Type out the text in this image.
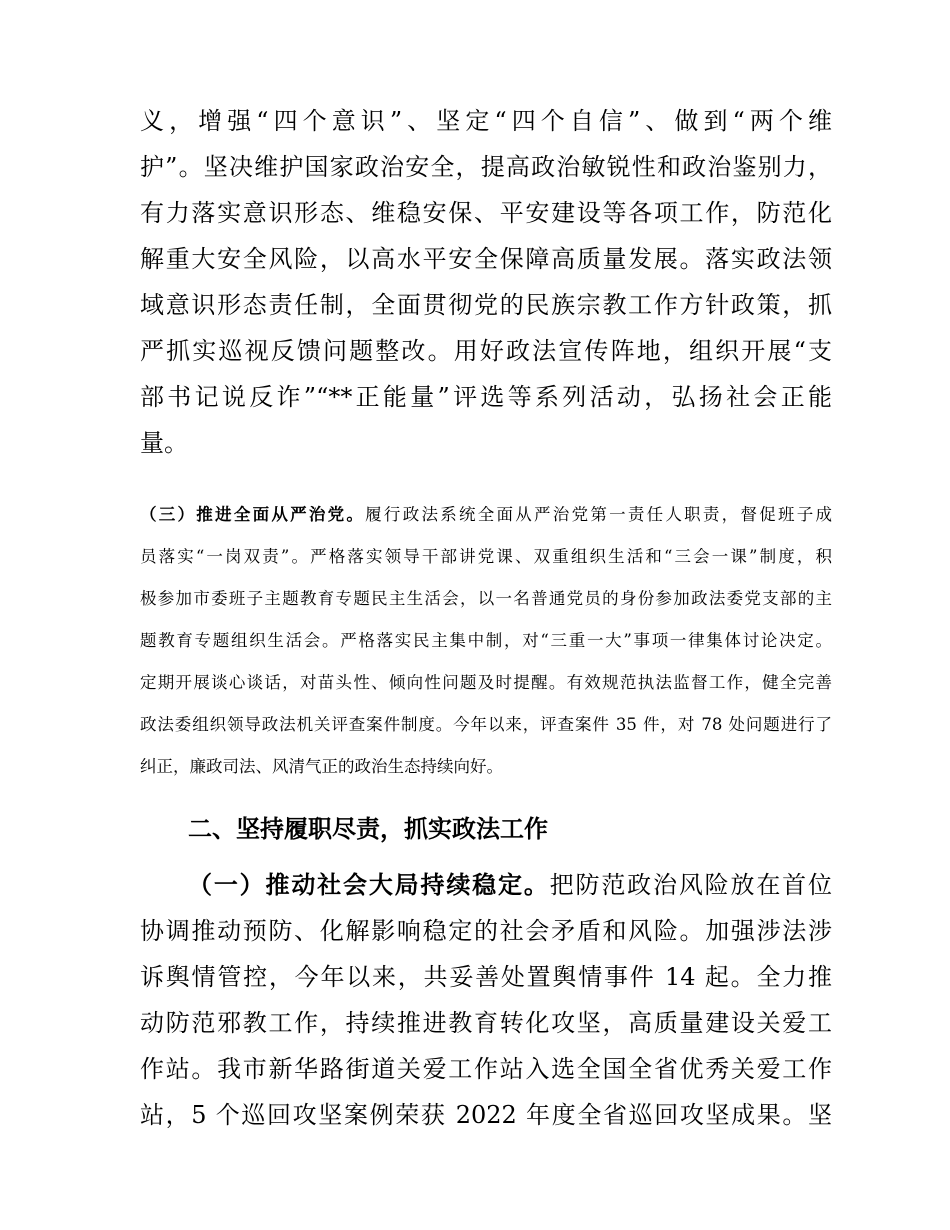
义，增强“四个意识”、坚定“四个自信”、做到“两个维
护”。坚决维护国家政治安全，提高政治敏锐性和政治鉴别力，
有力落实意识形态、维稳安保、平安建设等各项工作，防范化
解重大安全风险，以高水平安全保障高质量发展。落实政法领
域意识形态责任制，全面贯彻党的民族宗教工作方针政策，抓
严抓实巡视反馈问题整改。用好政法宣传阵地，组织开展“支
部书记说反诈”“**正能量”评选等系列活动，弘扬社会正能
量。
（三）推进全面从严治党。履行政法系统全面从严治党第一责任人职责，督促班子成
员落实“一岗双责”。严格落实领导干部讲党课、双重组织生活和“三会一课”制度，积
极参加市委班子主题教育专题民主生活会，以一名普通党员的身份参加政法委党支部的主
题教育专题组织生活会。严格落实民主集中制，对“三重一大”事项一律集体讨论决定。
定期开展谈心谈话，对苗头性、倾向性问题及时提醒。有效规范执法监督工作，健全完善
政法委组织领导政法机关评查案件制度。今年以来，评查案件 35 件，对 78 处问题进行了
纠正，廉政司法、风清气正的政治生态持续向好。
二、坚持履职尽责，抓实政法工作
（一）推动社会大局持续稳定。把防范政治风险放在首位
协调推动预防、化解影响稳定的社会矛盾和风险。加强涉法涉
诉舆情管控，今年以来，共妥善处置舆情事件 14 起。全力推
动防范邪教工作，持续推进教育转化攻坚，高质量建设关爱工
作站。我市新华路街道关爱工作站入选全国全省优秀关爱工作
站，5 个巡回攻坚案例荣获 2022 年度全省巡回攻坚成果。坚
